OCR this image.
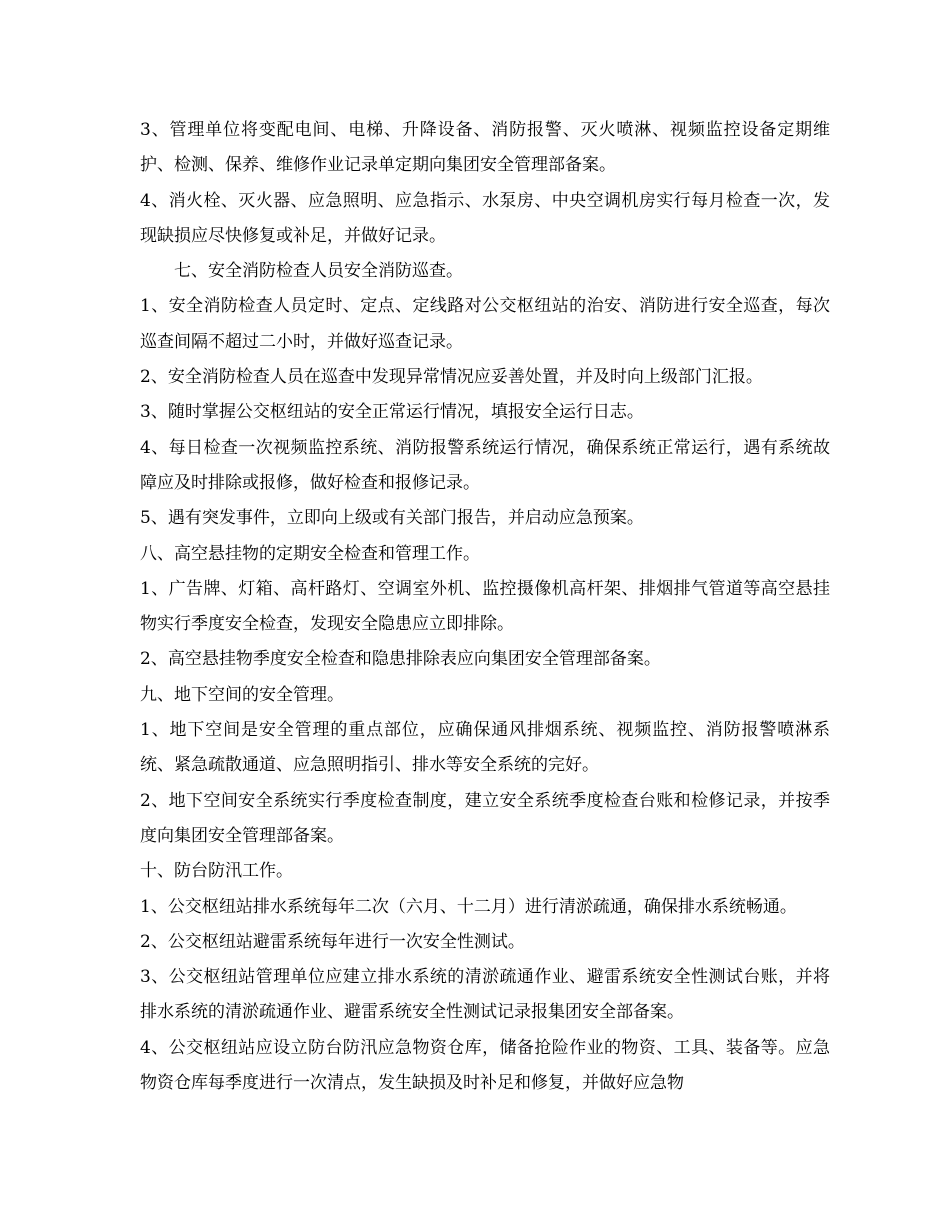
3、管理单位将变配电间、电梯、升降设备、消防报警、灭火喷淋、视频监控设备定期维护、检测、保养、维修作业记录单定期向集团安全管理部备案。

4、消火栓、灭火器、应急照明、应急指示、水泵房、中央空调机房实行每月检查一次，发现缺损应尽快修复或补足，并做好记录。

七、安全消防检查人员安全消防巡查。

1、安全消防检查人员定时、定点、定线路对公交枢纽站的治安、消防进行安全巡查，每次巡查间隔不超过二小时，并做好巡查记录。

2、安全消防检查人员在巡查中发现异常情况应妥善处置，并及时向上级部门汇报。

3、随时掌握公交枢纽站的安全正常运行情况，填报安全运行日志。

4、每日检查一次视频监控系统、消防报警系统运行情况，确保系统正常运行，遇有系统故障应及时排除或报修，做好检查和报修记录。

5、遇有突发事件，立即向上级或有关部门报告，并启动应急预案。

八、高空悬挂物的定期安全检查和管理工作。

1、广告牌、灯箱、高杆路灯、空调室外机、监控摄像机高杆架、排烟排气管道等高空悬挂物实行季度安全检查，发现安全隐患应立即排除。

2、高空悬挂物季度安全检查和隐患排除表应向集团安全管理部备案。

九、地下空间的安全管理。

1、地下空间是安全管理的重点部位，应确保通风排烟系统、视频监控、消防报警喷淋系统、紧急疏散通道、应急照明指引、排水等安全系统的完好。

2、地下空间安全系统实行季度检查制度，建立安全系统季度检查台账和检修记录，并按季度向集团安全管理部备案。

十、防台防汛工作。

1、公交枢纽站排水系统每年二次（六月、十二月）进行清淤疏通，确保排水系统畅通。

2、公交枢纽站避雷系统每年进行一次安全性测试。

3、公交枢纽站管理单位应建立排水系统的清淤疏通作业、避雷系统安全性测试台账，并将排水系统的清淤疏通作业、避雷系统安全性测试记录报集团安全部备案。

4、公交枢纽站应设立防台防汛应急物资仓库，储备抢险作业的物资、工具、装备等。应急物资仓库每季度进行一次清点，发生缺损及时补足和修复，并做好应急物
